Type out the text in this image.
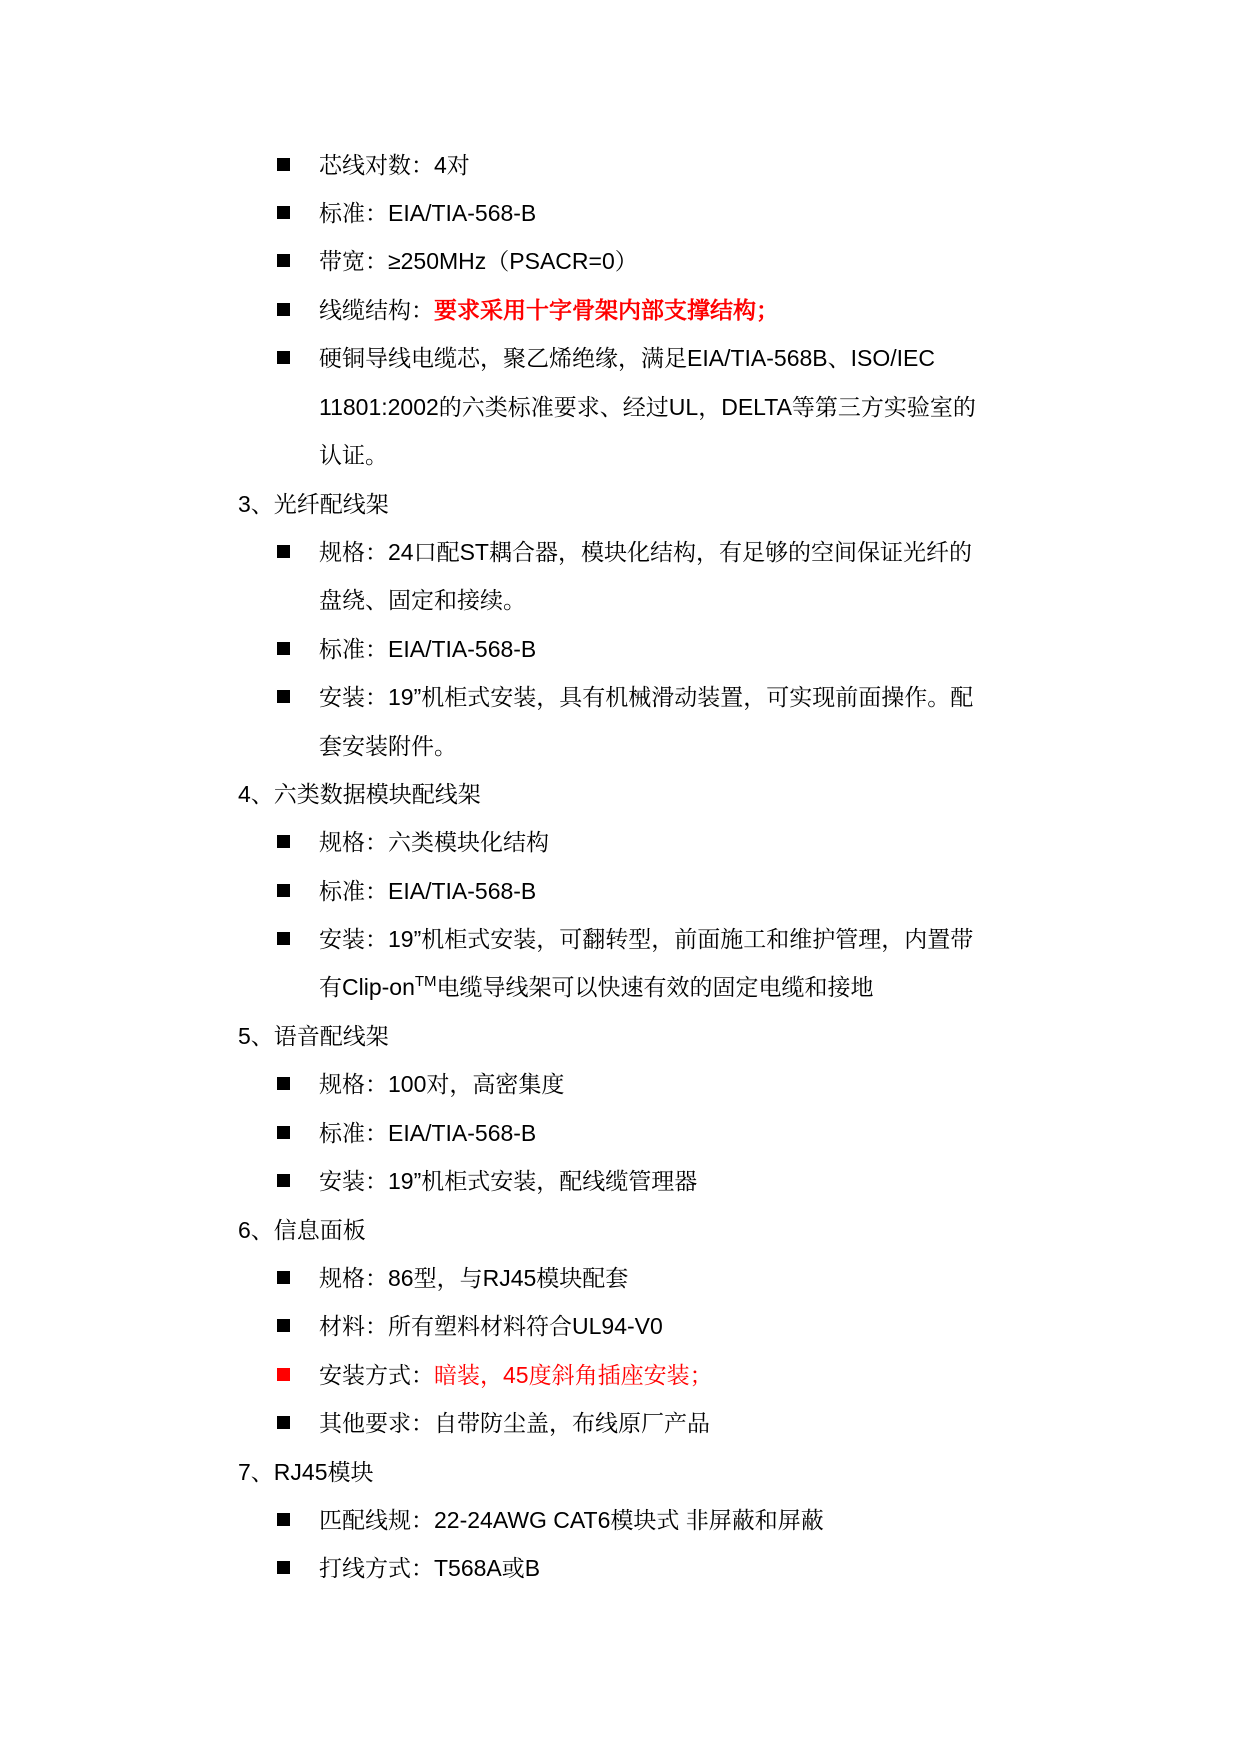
芯线对数：4对
标准：EIA/TIA-568-B
带宽：≥250MHz（PSACR=0）
线缆结构：要求采用十字骨架内部支撑结构；
硬铜导线电缆芯，聚乙烯绝缘，满足EIA/TIA-568B、ISO/IEC
11801:2002的六类标准要求、经过UL，DELTA等第三方实验室的
认证。
3、光纤配线架
规格：24口配ST耦合器，模块化结构，有足够的空间保证光纤的
盘绕、固定和接续。
标准：EIA/TIA-568-B
安装：19”机柜式安装，具有机械滑动装置，可实现前面操作。配
套安装附件。
4、六类数据模块配线架
规格：六类模块化结构
标准：EIA/TIA-568-B
安装：19”机柜式安装，可翻转型，前面施工和维护管理，内置带
有Clip-on™电缆导线架可以快速有效的固定电缆和接地
5、语音配线架
规格：100对，高密集度
标准：EIA/TIA-568-B
安装：19”机柜式安装，配线缆管理器
6、信息面板
规格：86型，与RJ45模块配套
材料：所有塑料材料符合UL94-V0
安装方式：暗装，45度斜角插座安装；
其他要求：自带防尘盖，布线原厂产品
7、RJ45模块
匹配线规：22-24AWG CAT6模块式 非屏蔽和屏蔽
打线方式：T568A或B
